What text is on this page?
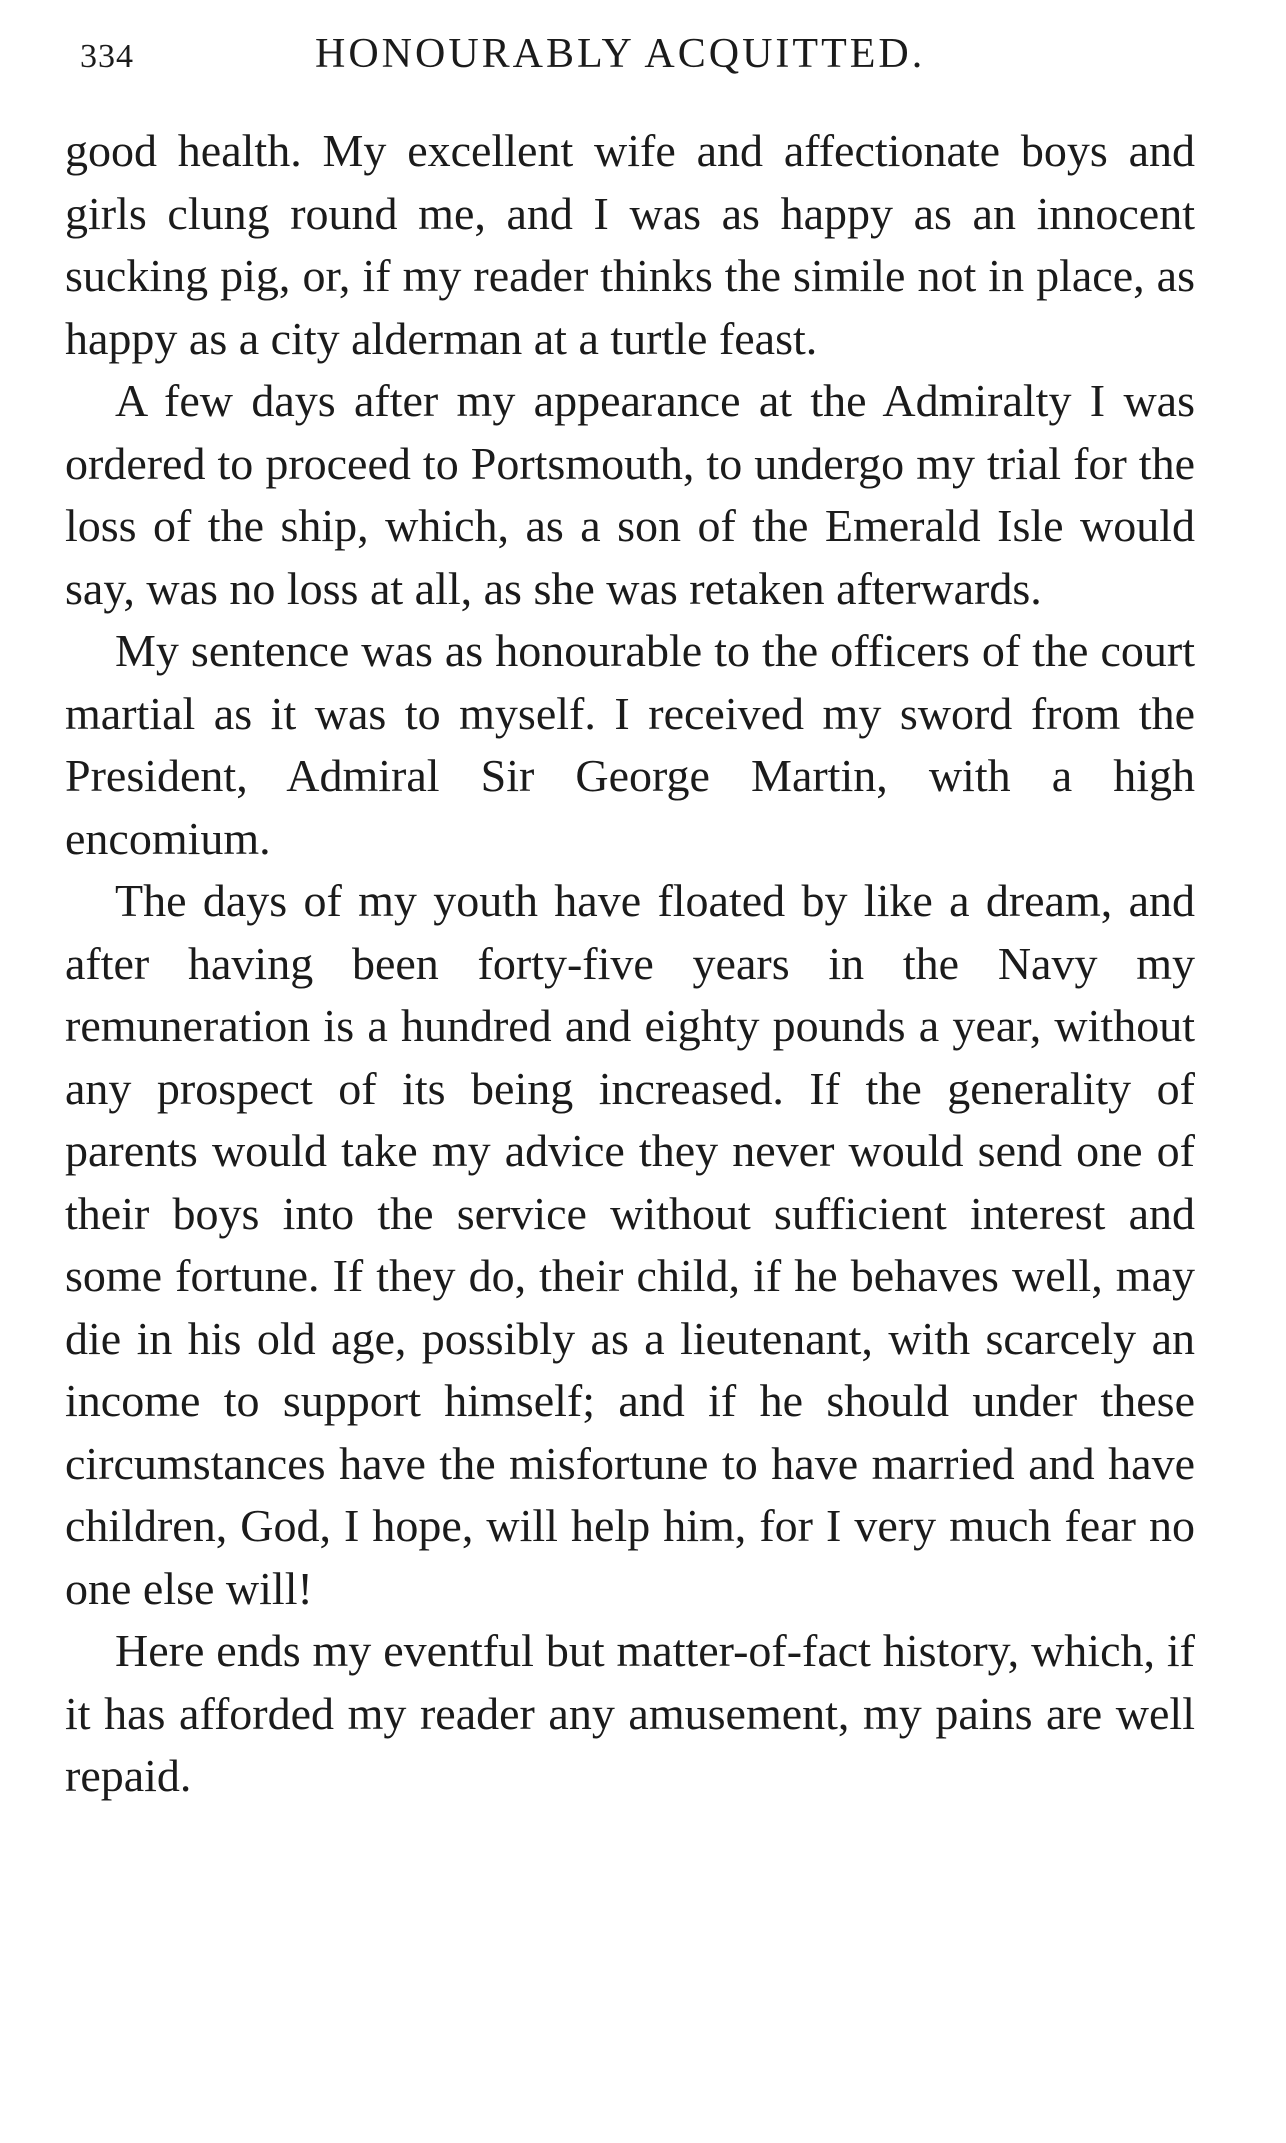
334	HONOURABLY ACQUITTED.

good health. My excellent wife and affectionate boys and girls clung round me, and I was as happy as an innocent sucking pig, or, if my reader thinks the simile not in place, as happy as a city alderman at a turtle feast.

A few days after my appearance at the Admiralty I was ordered to proceed to Portsmouth, to undergo my trial for the loss of the ship, which, as a son of the Emerald Isle would say, was no loss at all, as she was retaken afterwards.

My sentence was as honourable to the officers of the court martial as it was to myself. I received my sword from the President, Admiral Sir George Martin, with a high encomium.

The days of my youth have floated by like a dream, and after having been forty-five years in the Navy my remuneration is a hundred and eighty pounds a year, without any prospect of its being increased. If the generality of parents would take my advice they never would send one of their boys into the service without sufficient interest and some fortune. If they do, their child, if he behaves well, may die in his old age, possibly as a lieutenant, with scarcely an income to support himself; and if he should under these circumstances have the misfortune to have married and have children, God, I hope, will help him, for I very much fear no one else will!

Here ends my eventful but matter-of-fact history, which, if it has afforded my reader any amusement, my pains are well repaid.
